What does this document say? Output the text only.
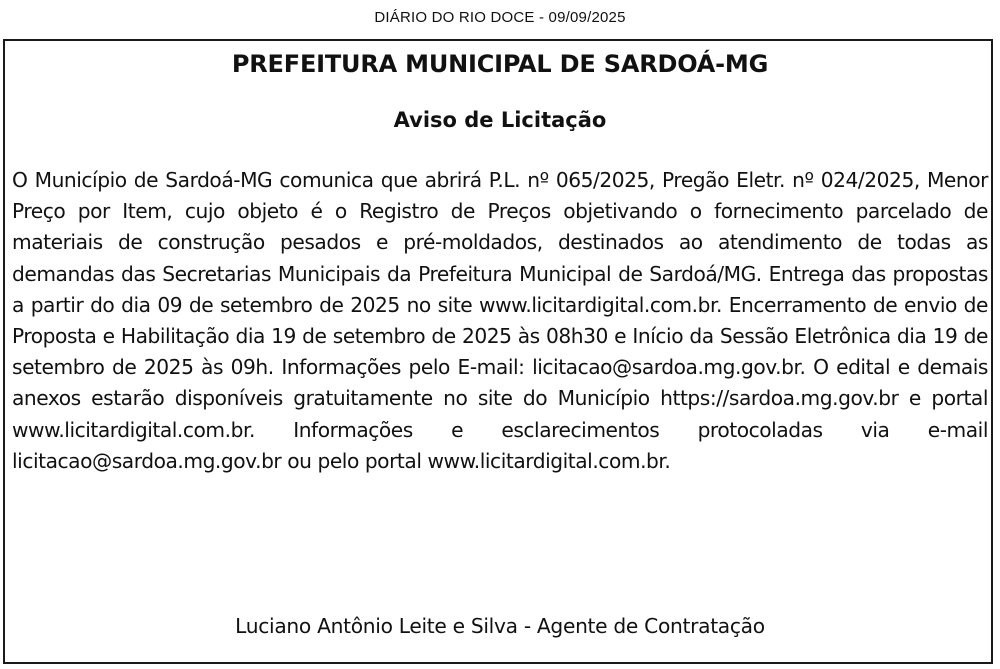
DIÁRIO DO RIO DOCE - 09/09/2025
PREFEITURA MUNICIPAL DE SARDOÁ-MG
Aviso de Licitação

O Município de Sardoá-MG comunica que abrirá P.L. nº 065/2025, Pregão Eletr. nº 024/2025, Menor Preço por Item, cujo objeto é o Registro de Preços objetivando o fornecimento parcelado de materiais de construção pesados e pré-moldados, destinados ao atendimento de todas as demandas das Secretarias Municipais da Prefeitura Municipal de Sardoá/MG. Entrega das propostas a partir do dia 09 de setembro de 2025 no site www.licitardigital.com.br. Encerramento de envio de Proposta e Habilitação dia 19 de setembro de 2025 às 08h30 e Início da Sessão Eletrônica dia 19 de setembro de 2025 às 09h. Informações pelo E-mail: licitacao@sardoa.mg.gov.br. O edital e demais anexos estarão disponíveis gratuitamente no site do Município https://sardoa.mg.gov.br e portal www.licitardigital.com.br. Informações e esclarecimentos protocoladas via e-mail licitacao@sardoa.mg.gov.br ou pelo portal www.licitardigital.com.br.

Luciano Antônio Leite e Silva - Agente de Contratação
